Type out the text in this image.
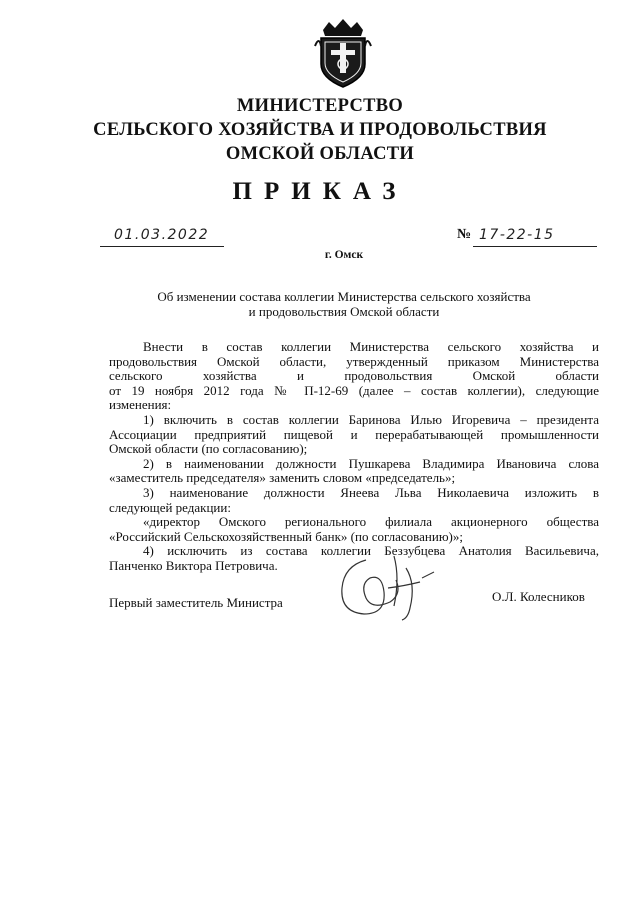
МИНИСТЕРСТВО
СЕЛЬСКОГО ХОЗЯЙСТВА И ПРОДОВОЛЬСТВИЯ
ОМСКОЙ ОБЛАСТИ
ПРИКАЗ
01.03.2022	№ 17-22-15
г. Омск
Об изменении состава коллегии Министерства сельского хозяйства
и продовольствия Омской области
Внести в состав коллегии Министерства сельского хозяйства и
продовольствия Омской области, утвержденный приказом Министерства
сельского хозяйства и продовольствия Омской области
от 19 ноября 2012 года № П-12-69 (далее – состав коллегии), следующие
изменения:
1) включить в состав коллегии Баринова Илью Игоревича – президента
Ассоциации предприятий пищевой и перерабатывающей промышленности
Омской области (по согласованию);
2) в наименовании должности Пушкарева Владимира Ивановича слова
«заместитель председателя» заменить словом «председатель»;
3) наименование должности Янеева Льва Николаевича изложить в
следующей редакции:
«директор Омского регионального филиала акционерного общества
«Российский Сельскохозяйственный банк» (по согласованию)»;
4) исключить из состава коллегии Беззубцева Анатолия Васильевича,
Панченко Виктора Петровича.
Первый заместитель Министра	О.Л. Колесников
